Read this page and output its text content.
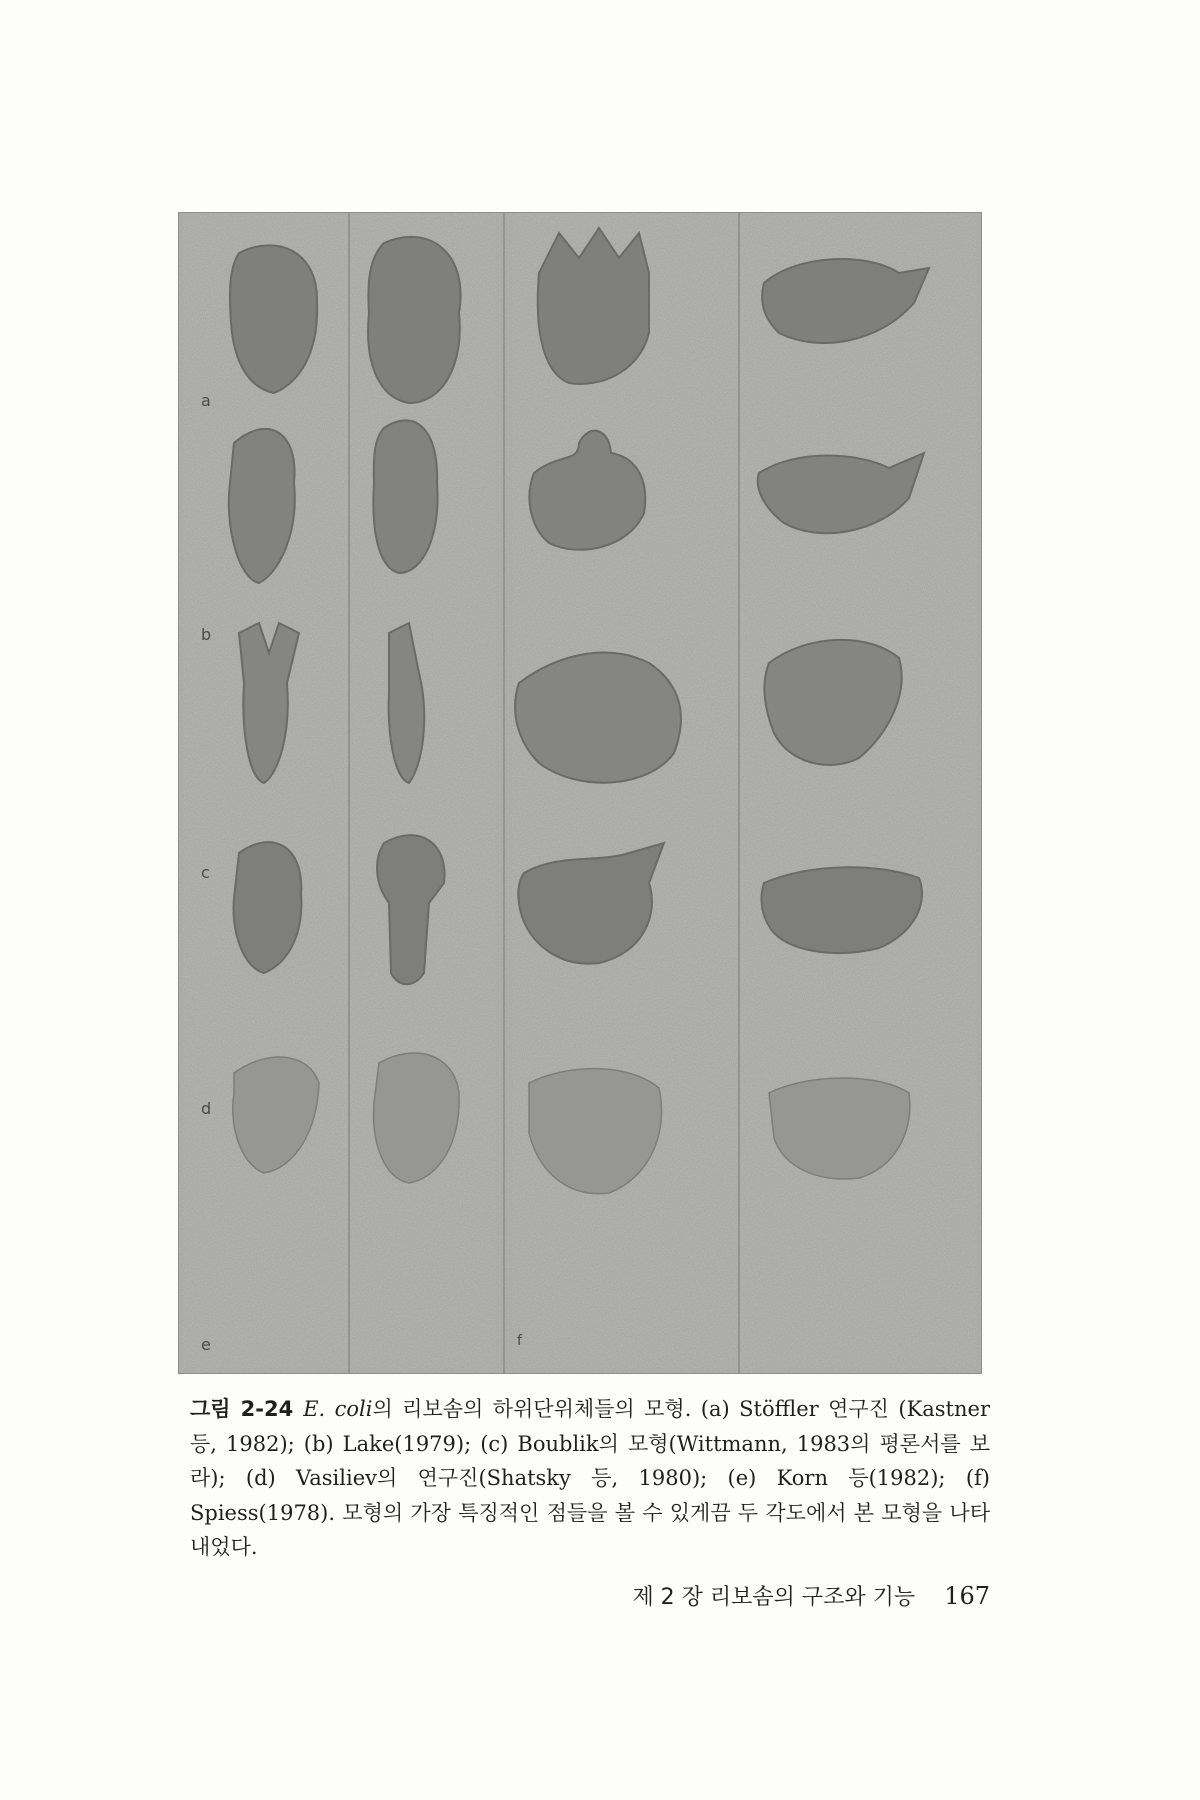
a
b
c
d
e	f
그림 2-24 E. coli의 리보솜의 하위단위체들의 모형. (a) Stöffler 연구진 (Kastner 등, 1982); (b) Lake(1979); (c) Boublik의 모형(Wittmann, 1983의 평론서를 보라); (d) Vasiliev의 연구진(Shatsky 등, 1980); (e) Korn 등(1982); (f) Spiess(1978). 모형의 가장 특징적인 점들을 볼 수 있게끔 두 각도에서 본 모형을 나타내었다.
제 2 장 리보솜의 구조와 기능 167
